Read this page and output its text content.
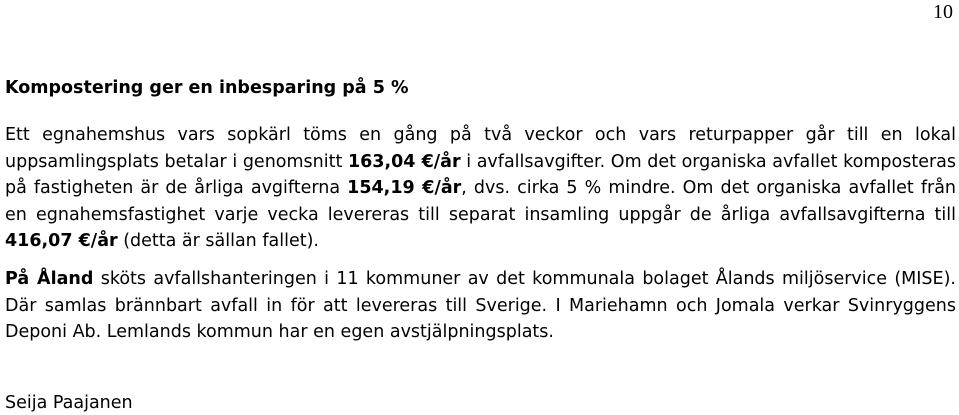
10
Kompostering ger en inbesparing på 5 %

Ett egnahemshus vars sopkärl töms en gång på två veckor och vars returpapper går till en lokal uppsamlingsplats betalar i genomsnitt 163,04 €/år i avfallsavgifter. Om det organiska avfallet komposteras på fastigheten är de årliga avgifterna 154,19 €/år, dvs. cirka 5 % mindre. Om det organiska avfallet från en egnahemsfastighet varje vecka levereras till separat insamling uppgår de årliga avfallsavgifterna till 416,07 €/år (detta är sällan fallet).

På Åland sköts avfallshanteringen i 11 kommuner av det kommunala bolaget Ålands miljöservice (MISE). Där samlas brännbart avfall in för att levereras till Sverige. I Mariehamn och Jomala verkar Svinryggens Deponi Ab. Lemlands kommun har en egen avstjälpningsplats.

Seija Paajanen
